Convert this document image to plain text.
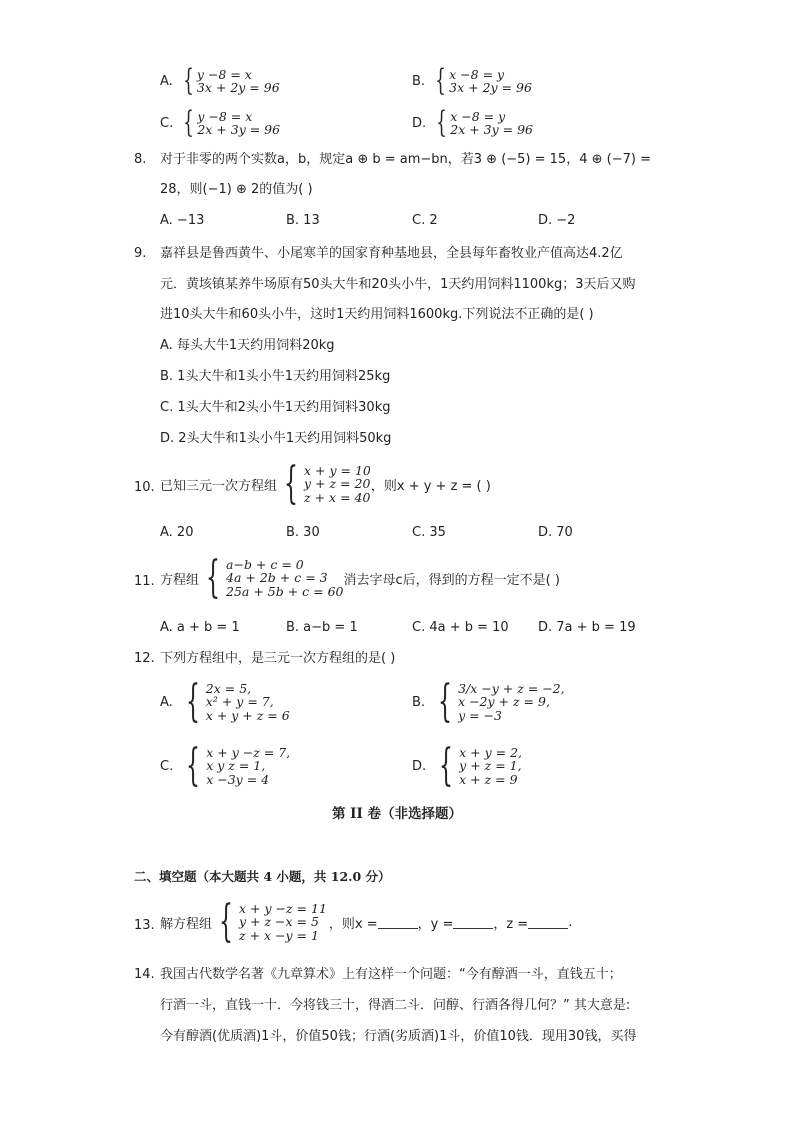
A. { y −8 = x
3x + 2y = 96	B. { x −8 = y
3x + 2y = 96
C. { y −8 = x
2x + 3y = 96	D. { x −8 = y
2x + 3y = 96
8. 对于非零的两个实数a，b，规定a ⊕ b = am−bn，若3 ⊕ (−5) = 15，4 ⊕ (−7) =
28，则(−1) ⊕ 2的值为( )
A. −13	B. 13	C. 2	D. −2
9. 嘉祥县是鲁西黄牛、小尾寒羊的国家育种基地县，全县每年畜牧业产值高达4.2亿
元．黄垓镇某养牛场原有50头大牛和20头小牛，1天约用饲料1100kg；3天后又购
进10头大牛和60头小牛，这时1天约用饲料1600kg.下列说法不正确的是( )
A. 每头大牛1天约用饲料20kg
B. 1头大牛和1头小牛1天约用饲料25kg
C. 1头大牛和2头小牛1天约用饲料30kg
D. 2头大牛和1头小牛1天约用饲料50kg
10. 已知三元一次方程组 { x + y = 10
y + z = 20
z + x = 40
，则x + y + z = ( )
A. 20	B. 30	C. 35	D. 70
11. 方程组 { a−b + c = 0
4a + 2b + c = 3
25a + 5b + c = 60
消去字母c后，得到的方程一定不是( )
A. a + b = 1	B. a−b = 1	C. 4a + b = 10 D. 7a + b = 19
12. 下列方程组中，是三元一次方程组的是( )
A. { 2x = 5,
x² + y = 7,
x + y + z = 6
B. { 3/x −y + z = −2,
x −2y + z = 9,
y = −3
C. { x + y −z = 7,
x y z = 1,
x −3y = 4
D. { x + y = 2,
y + z = 1,
x + z = 9
第 II 卷（非选择题）
二、填空题（本大题共 4 小题，共 12.0 分）
13. 解方程组 { x + y −z = 11
y + z −x = 5
z + x −y = 1
，则x =	，y =	，z =	.
14. 我国古代数学名著《九章算术》上有这样一个问题：“今有醇酒一斗，直钱五十；
行酒一斗，直钱一十．今将钱三十，得酒二斗．问醇、行酒各得几何？” 其大意是:
今有醇酒(优质酒)1斗，价值50钱；行酒(劣质酒)1斗，价值10钱．现用30钱，买得
